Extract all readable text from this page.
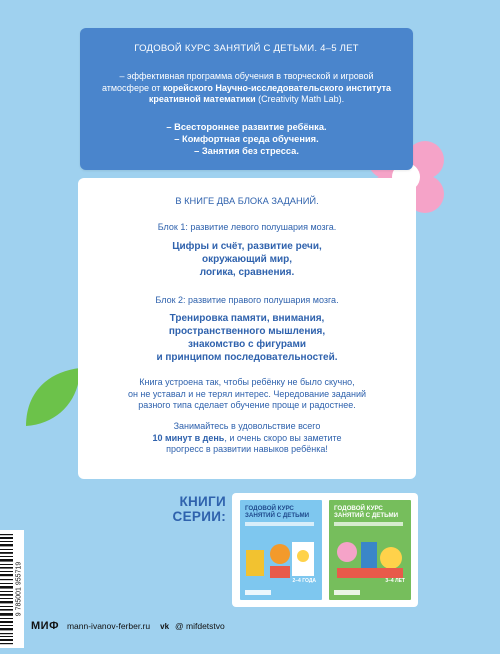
ГОДОВОЙ КУРС ЗАНЯТИЙ С ДЕТЬМИ. 4–5 ЛЕТ
– эффективная программа обучения в творческой и игровой атмосфере от корейского Научно-исследовательского института креативной математики (Creativity Math Lab).
– Всестороннее развитие ребёнка.
– Комфортная среда обучения.
– Занятия без стресса.
В КНИГЕ ДВА БЛОКА ЗАДАНИЙ.
Блок 1: развитие левого полушария мозга.
Цифры и счёт, развитие речи,
окружающий мир,
логика, сравнения.
Блок 2: развитие правого полушария мозга.
Тренировка памяти, внимания,
пространственного мышления,
знакомство с фигурами
и принципом последовательностей.
Книга устроена так, чтобы ребёнку не было скучно,
он не уставал и не терял интерес. Чередование заданий
разного типа сделает обучение проще и радостнее.
Занимайтесь в удовольствие всего
10 минут в день, и очень скоро вы заметите
прогресс в развитии навыков ребёнка!
КНИГИ
СЕРИИ:
ГОДОВОЙ КУРС ЗАНЯТИЙ С ДЕТЬМИ
2–4 ГОДА
ГОДОВОЙ КУРС ЗАНЯТИЙ С ДЕТЬМИ
3–4 ЛЕТ
9 785001 955719
МИФ mann-ivanov-ferber.ru vk @ mifdetstvo
